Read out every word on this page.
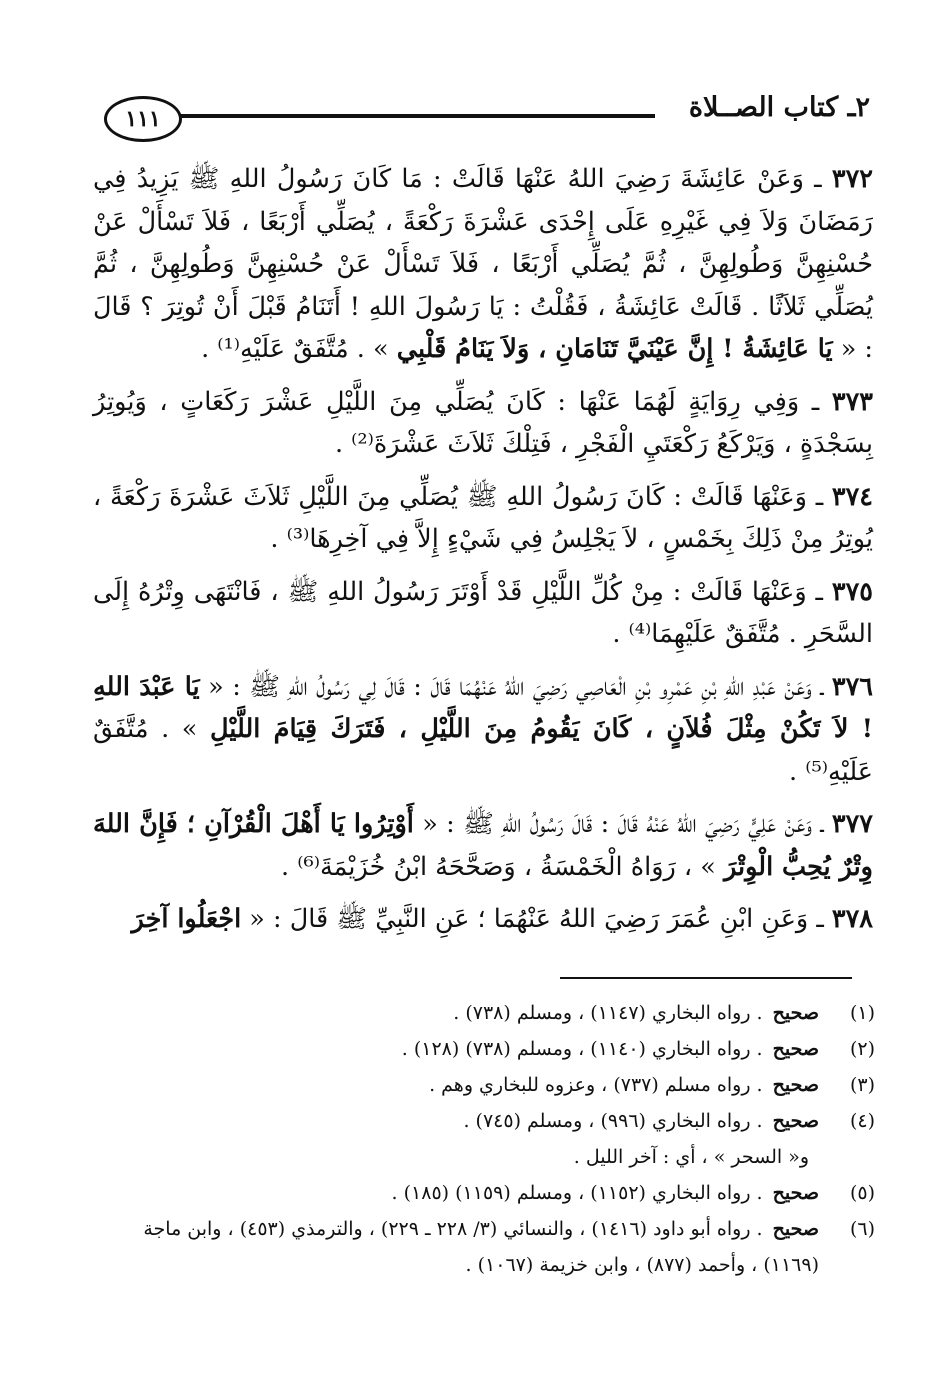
١١١	٢ـ كتاب الصــلاة

٣٧٢ ـ وَعَنْ عَائِشَةَ رَضِيَ اللهُ عَنْهَا قَالَتْ : مَا كَانَ رَسُولُ اللهِ ﷺ يَزِيدُ فِي رَمَضَانَ وَلاَ فِي غَيْرِهِ عَلَى إِحْدَى عَشْرَةَ رَكْعَةً ، يُصَلِّي أَرْبَعًا ، فَلاَ تَسْأَلْ عَنْ حُسْنِهِنَّ وَطُولِهِنَّ ، ثُمَّ يُصَلِّي أَرْبَعًا ، فَلاَ تَسْأَلْ عَنْ حُسْنِهِنَّ وَطُولِهِنَّ ، ثُمَّ يُصَلِّي ثَلاَثًا . قَالَتْ عَائِشَةُ ، فَقُلْتُ : يَا رَسُولَ اللهِ ! أَتَنَامُ قَبْلَ أَنْ تُوتِرَ ؟ قَالَ : « يَا عَائِشَةُ ! إِنَّ عَيْنَيَّ تَنَامَانِ ، وَلاَ يَنَامُ قَلْبِي » . مُتَّفَقٌ عَلَيْهِ⁽¹⁾ .

٣٧٣ ـ وَفِي رِوَايَةٍ لَهُمَا عَنْهَا : كَانَ يُصَلِّي مِنَ اللَّيْلِ عَشْرَ رَكَعَاتٍ ، وَيُوتِرُ بِسَجْدَةٍ ، وَيَرْكَعُ رَكْعَتَيِ الْفَجْرِ ، فَتِلْكَ ثَلاَثَ عَشْرَةَ⁽²⁾ .

٣٧٤ ـ وَعَنْهَا قَالَتْ : كَانَ رَسُولُ اللهِ ﷺ يُصَلِّي مِنَ اللَّيْلِ ثَلاَثَ عَشْرَةَ رَكْعَةً ، يُوتِرُ مِنْ ذَلِكَ بِخَمْسٍ ، لاَ يَجْلِسُ فِي شَيْءٍ إِلاَّ فِي آخِرِهَا⁽³⁾ .

٣٧٥ ـ وَعَنْهَا قَالَتْ : مِنْ كُلِّ اللَّيْلِ قَدْ أَوْتَرَ رَسُولُ اللهِ ﷺ ، فَانْتَهَى وِتْرُهُ إِلَى السَّحَرِ . مُتَّفَقٌ عَلَيْهِمَا⁽⁴⁾ .

٣٧٦ ـ وَعَنْ عَبْدِ اللهِ بْنِ عَمْرِو بْنِ الْعَاصِي رَضِيَ اللهُ عَنْهُمَا قَالَ : قَالَ لِي رَسُولُ اللهِ ﷺ : « يَا عَبْدَ اللهِ ! لاَ تَكُنْ مِثْلَ فُلاَنٍ ، كَانَ يَقُومُ مِنَ اللَّيْلِ ، فَتَرَكَ قِيَامَ اللَّيْلِ » . مُتَّفَقٌ عَلَيْهِ⁽⁵⁾ .

٣٧٧ ـ وَعَنْ عَلِيٍّ رَضِيَ اللهُ عَنْهُ قَالَ : قَالَ رَسُولُ اللهِ ﷺ : « أَوْتِرُوا يَا أَهْلَ الْقُرْآنِ ؛ فَإِنَّ اللهَ وِتْرٌ يُحِبُّ الْوِتْرَ » ، رَوَاهُ الْخَمْسَةُ ، وَصَحَّحَهُ ابْنُ خُزَيْمَةَ⁽⁶⁾ .

٣٧٨ ـ وَعَنِ ابْنِ عُمَرَ رَضِيَ اللهُ عَنْهُمَا ؛ عَنِ النَّبِيِّ ﷺ قَالَ : « اجْعَلُوا آخِرَ

(١)
صحيح. رواه البخاري (١١٤٧) ، ومسلم (٧٣٨) .
(٢)
صحيح. رواه البخاري (١١٤٠) ، ومسلم (٧٣٨) (١٢٨) .
(٣)
صحيح. رواه مسلم (٧٣٧) ، وعزوه للبخاري وهم .
(٤)
صحيح. رواه البخاري (٩٩٦) ، ومسلم (٧٤٥) .
و« السحر » ، أي : آخر الليل .
(٥)
صحيح. رواه البخاري (١١٥٢) ، ومسلم (١١٥٩) (١٨٥) .
(٦)
صحيح. رواه أبو داود (١٤١٦) ، والنسائي (٣/ ٢٢٨ ـ ٢٢٩) ، والترمذي (٤٥٣) ، وابن ماجة (١١٦٩) ، وأحمد (٨٧٧) ، وابن خزيمة (١٠٦٧) .
